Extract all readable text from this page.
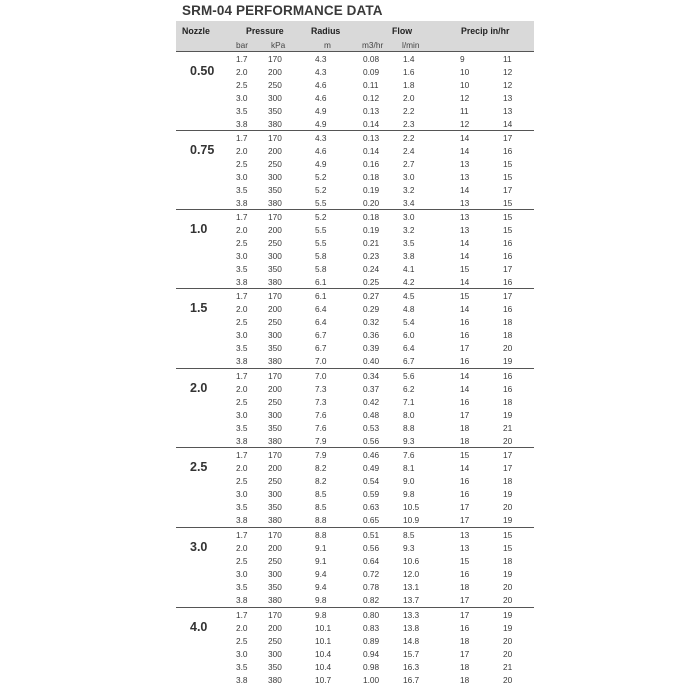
SRM-04 PERFORMANCE DATA
Nozzle	Pressure	Radius	Flow	Precip in/hr
bar	kPa	m	m3/hr l/min
0.50
1.7 170	4.3	0.08	1.4	9	11
2.0 200	4.3	0.09	1.6	10	12
2.5 250	4.6	0.11	1.8	10	12
3.0 300	4.6	0.12	2.0	12	13
3.5 350	4.9	0.13	2.2	11	13
3.8 380	4.9	0.14	2.3	12	14
0.75
1.7 170	4.3	0.13	2.2	14	17
2.0 200	4.6	0.14	2.4	14	16
2.5 250	4.9	0.16	2.7	13	15
3.0 300	5.2	0.18	3.0	13	15
3.5 350	5.2	0.19	3.2	14	17
3.8 380	5.5	0.20	3.4	13	15
1.0
1.7 170	5.2	0.18	3.0	13	15
2.0 200	5.5	0.19	3.2	13	15
2.5 250	5.5	0.21	3.5	14	16
3.0 300	5.8	0.23	3.8	14	16
3.5 350	5.8	0.24	4.1	15	17
3.8 380	6.1	0.25	4.2	14	16
1.5
1.7 170	6.1	0.27	4.5	15	17
2.0 200	6.4	0.29	4.8	14	16
2.5 250	6.4	0.32	5.4	16	18
3.0 300	6.7	0.36	6.0	16	18
3.5 350	6.7	0.39	6.4	17	20
3.8 380	7.0	0.40	6.7	16	19
2.0
1.7 170	7.0	0.34	5.6	14	16
2.0 200	7.3	0.37	6.2	14	16
2.5 250	7.3	0.42	7.1	16	18
3.0 300	7.6	0.48	8.0	17	19
3.5 350	7.6	0.53	8.8	18	21
3.8 380	7.9	0.56	9.3	18	20
2.5
1.7 170	7.9	0.46	7.6	15	17
2.0 200	8.2	0.49	8.1	14	17
2.5 250	8.2	0.54	9.0	16	18
3.0 300	8.5	0.59	9.8	16	19
3.5 350	8.5	0.63	10.5	17	20
3.8 380	8.8	0.65	10.9	17	19
3.0
1.7 170	8.8	0.51	8.5	13	15
2.0 200	9.1	0.56	9.3	13	15
2.5 250	9.1	0.64	10.6	15	18
3.0 300	9.4	0.72	12.0	16	19
3.5 350	9.4	0.78	13.1	18	20
3.8 380	9.8	0.82	13.7	17	20
4.0
1.7 170	9.8	0.80	13.3	17	19
2.0 200	10.1	0.83	13.8	16	19
2.5 250	10.1	0.89	14.8	18	20
3.0 300	10.4	0.94	15.7	17	20
3.5 350	10.4	0.98	16.3	18	21
3.8 380	10.7	1.00	16.7	18	20
